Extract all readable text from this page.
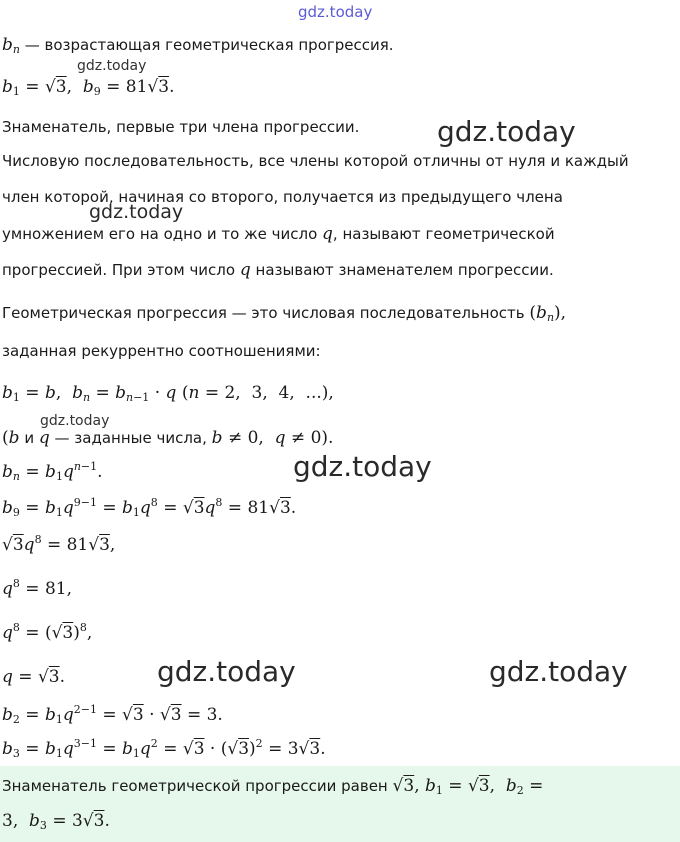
gdz.today
$b_n$ — возрастающая геометрическая прогрессия.
gdz.today
$b_1 = √3$,  $b_9 = 81√3$.
Знаменатель, первые три члена прогрессии.	gdz.today
Числовую последовательность, все члены которой отличны от нуля и каждый
член которой, начиная со второго, получается из предыдущего члена
gdz.today
умножением его на одно и то же число q, называют геометрической
прогрессией. При этом число q называют знаменателем прогрессии.
Геометрическая прогрессия — это числовая последовательность $(b_n)$,
заданная рекуррентно соотношениями:
$b_1 = b$,  $b_n = b_{n-1} \cdot q$ (n = 2,  3,  4,  ...),
gdz.today
(b и q — заданные числа, b ≠ 0,  q ≠ 0).
$b_n = b_1q^{n-1}$.	gdz.today
$b_9 = b_1q^{9-1} = b_1q^8 = √3q^8 = 81√3$.
$√3q^8 = 81√3$,
$q^8 = 81$,
$q^8 = (√3)^8$,
q = √3.	gdz.today	gdz.today
$b_2 = b_1q^{2-1} = √3 \cdot √3 = 3$.
$b_3 = b_1q^{3-1} = b_1q^2 = √3 \cdot (√3)^2 = 3√3$.
Знаменатель геометрической прогрессии равен √3, $b_1 = √3$,  $b_2$ =
3,  $b_3 = 3√3$.
